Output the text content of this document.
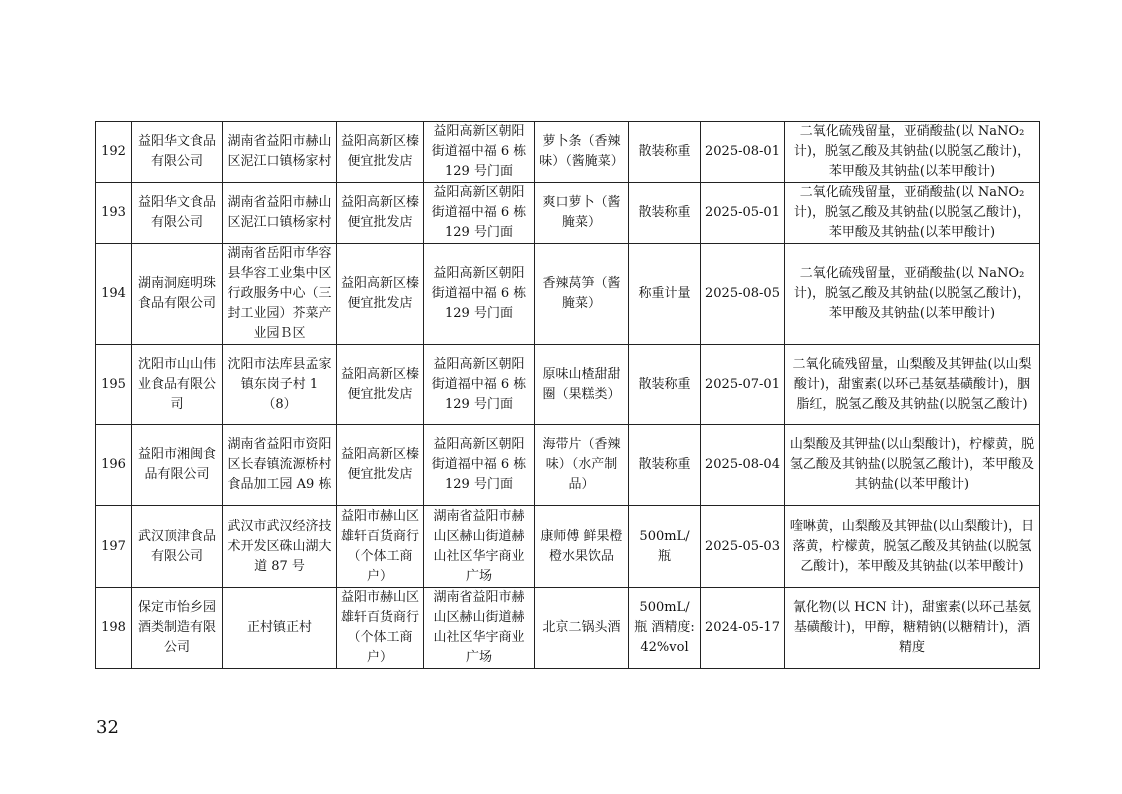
192	益阳华文食品有限公司	湖南省益阳市赫山区泥江口镇杨家村	益阳高新区榛便宜批发店	益阳高新区朝阳街道福中福 6 栋 129 号门面	萝卜条（香辣味）（酱腌菜）	散装称重	2025-08-01	二氧化硫残留量，亚硝酸盐(以 NaNO₂计)，脱氢乙酸及其钠盐(以脱氢乙酸计)，苯甲酸及其钠盐(以苯甲酸计)
193	益阳华文食品有限公司	湖南省益阳市赫山区泥江口镇杨家村	益阳高新区榛便宜批发店	益阳高新区朝阳街道福中福 6 栋 129 号门面	爽口萝卜（酱腌菜）	散装称重	2025-05-01	二氧化硫残留量，亚硝酸盐(以 NaNO₂计)，脱氢乙酸及其钠盐(以脱氢乙酸计)，苯甲酸及其钠盐(以苯甲酸计)
194	湖南洞庭明珠食品有限公司	湖南省岳阳市华容县华容工业集中区行政服务中心（三封工业园）芥菜产业园Ｂ区	益阳高新区榛便宜批发店	益阳高新区朝阳街道福中福 6 栋 129 号门面	香辣莴笋（酱腌菜）	称重计量	2025-08-05	二氧化硫残留量，亚硝酸盐(以 NaNO₂计)，脱氢乙酸及其钠盐(以脱氢乙酸计)，苯甲酸及其钠盐(以苯甲酸计)
195	沈阳市山山伟业食品有限公司	沈阳市法库县孟家镇东岗子村 1（8）	益阳高新区榛便宜批发店	益阳高新区朝阳街道福中福 6 栋 129 号门面	原味山楂甜甜圈（果糕类）	散装称重	2025-07-01	二氧化硫残留量，山梨酸及其钾盐(以山梨酸计)，甜蜜素(以环己基氨基磺酸计)，胭脂红，脱氢乙酸及其钠盐(以脱氢乙酸计)
196	益阳市湘闽食品有限公司	湖南省益阳市资阳区长春镇流源桥村食品加工园 A9 栋	益阳高新区榛便宜批发店	益阳高新区朝阳街道福中福 6 栋 129 号门面	海带片（香辣味）（水产制品）	散装称重	2025-08-04	山梨酸及其钾盐(以山梨酸计)，柠檬黄，脱氢乙酸及其钠盐(以脱氢乙酸计)，苯甲酸及其钠盐(以苯甲酸计)
197	武汉顶津食品有限公司	武汉市武汉经济技术开发区硃山湖大道 87 号	益阳市赫山区雄轩百货商行（个体工商户）	湖南省益阳市赫山区赫山街道赫山社区华宇商业广场	康师傅 鲜果橙 橙水果饮品	500mL/瓶	2025-05-03	喹啉黄，山梨酸及其钾盐(以山梨酸计)，日落黄，柠檬黄，脱氢乙酸及其钠盐(以脱氢乙酸计)，苯甲酸及其钠盐(以苯甲酸计)
198	保定市怡乡园酒类制造有限公司	正村镇正村	益阳市赫山区雄轩百货商行（个体工商户）	湖南省益阳市赫山区赫山街道赫山社区华宇商业广场	北京二锅头酒	500mL/瓶 酒精度:42%vol	2024-05-17	氰化物(以 HCN 计)，甜蜜素(以环己基氨基磺酸计)，甲醇，糖精钠(以糖精计)，酒精度
32
